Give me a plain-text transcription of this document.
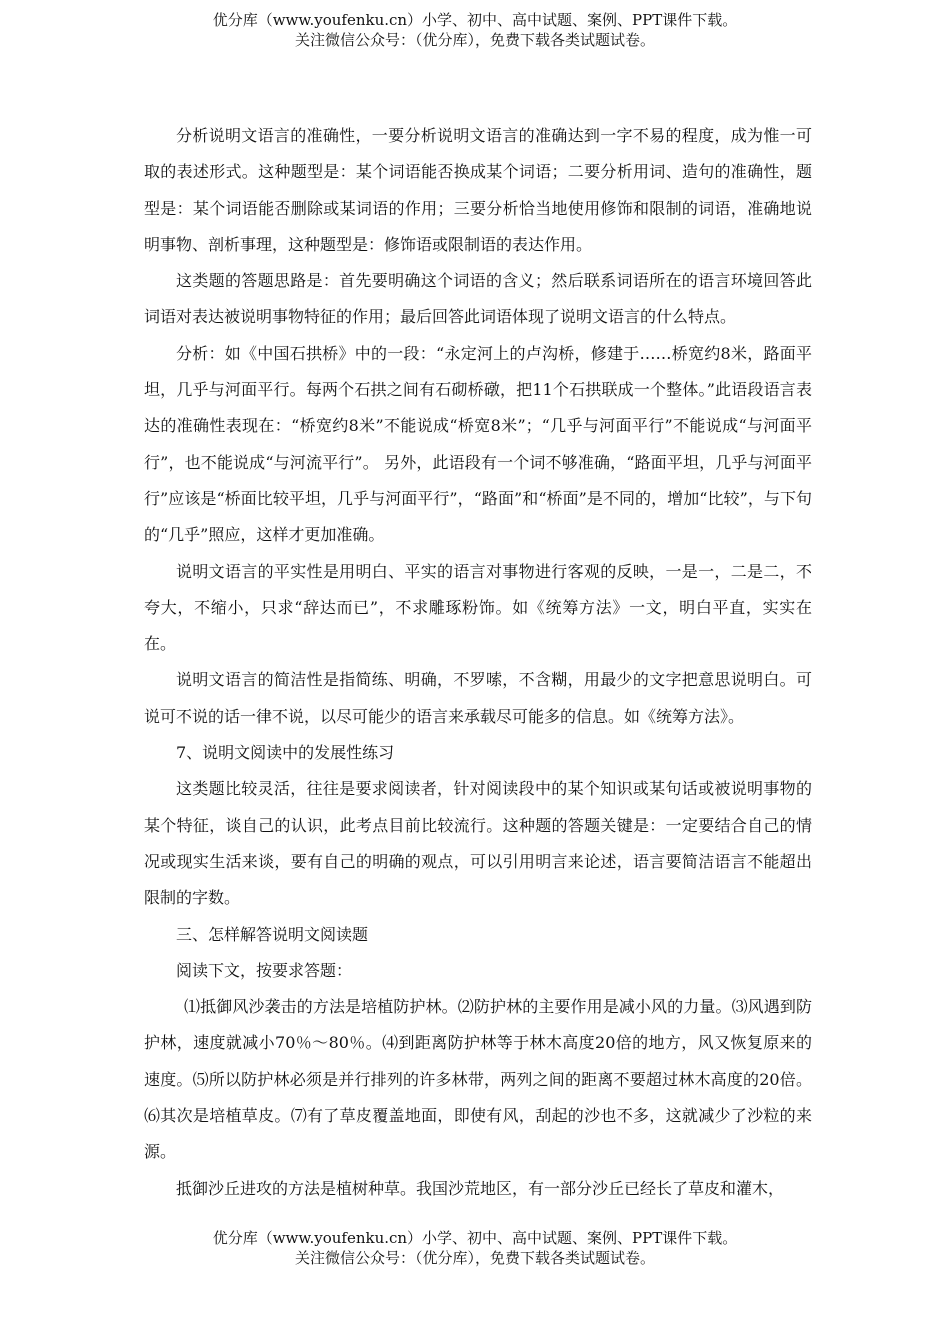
优分库（www.youfenku.cn）小学、初中、高中试题、案例、PPT课件下载。
关注微信公众号：（优分库），免费下载各类试题试卷。

分析说明文语言的准确性，一要分析说明文语言的准确达到一字不易的程度，成为惟一可取的表述形式。这种题型是：某个词语能否换成某个词语；二要分析用词、造句的准确性，题型是：某个词语能否删除或某词语的作用；三要分析恰当地使用修饰和限制的词语，准确地说明事物、剖析事理，这种题型是：修饰语或限制语的表达作用。

这类题的答题思路是：首先要明确这个词语的含义；然后联系词语所在的语言环境回答此词语对表达被说明事物特征的作用；最后回答此词语体现了说明文语言的什么特点。

分析：如《中国石拱桥》中的一段：“永定河上的卢沟桥，修建于……桥宽约8米，路面平坦，几乎与河面平行。每两个石拱之间有石砌桥礅，把11个石拱联成一个整体。”此语段语言表达的准确性表现在：“桥宽约8米”不能说成“桥宽8米”；“几乎与河面平行”不能说成“与河面平行”，也不能说成“与河流平行”。 另外，此语段有一个词不够准确，“路面平坦，几乎与河面平行”应该是“桥面比较平坦，几乎与河面平行”，“路面”和“桥面”是不同的，增加“比较”，与下句的“几乎”照应，这样才更加准确。

说明文语言的平实性是用明白、平实的语言对事物进行客观的反映，一是一，二是二，不夸大，不缩小，只求“辞达而已”，不求雕琢粉饰。如《统筹方法》一文，明白平直，实实在在。

说明文语言的简洁性是指简练、明确，不罗嗦，不含糊，用最少的文字把意思说明白。可说可不说的话一律不说，以尽可能少的语言来承载尽可能多的信息。如《统筹方法》。

7、说明文阅读中的发展性练习

这类题比较灵活，往往是要求阅读者，针对阅读段中的某个知识或某句话或被说明事物的某个特征，谈自己的认识，此考点目前比较流行。这种题的答题关键是：一定要结合自己的情况或现实生活来谈，要有自己的明确的观点，可以引用明言来论述，语言要简洁语言不能超出限制的字数。

三、怎样解答说明文阅读题

阅读下文，按要求答题：

⑴抵御风沙袭击的方法是培植防护林。⑵防护林的主要作用是减小风的力量。⑶风遇到防护林，速度就减小70％～80％。⑷到距离防护林等于林木高度20倍的地方，风又恢复原来的速度。⑸所以防护林必须是并行排列的许多林带，两列之间的距离不要超过林木高度的20倍。⑹其次是培植草皮。⑺有了草皮覆盖地面，即使有风，刮起的沙也不多，这就减少了沙粒的来源。

抵御沙丘进攻的方法是植树种草。我国沙荒地区，有一部分沙丘已经长了草皮和灌木，

优分库（www.youfenku.cn）小学、初中、高中试题、案例、PPT课件下载。
关注微信公众号：（优分库），免费下载各类试题试卷。
